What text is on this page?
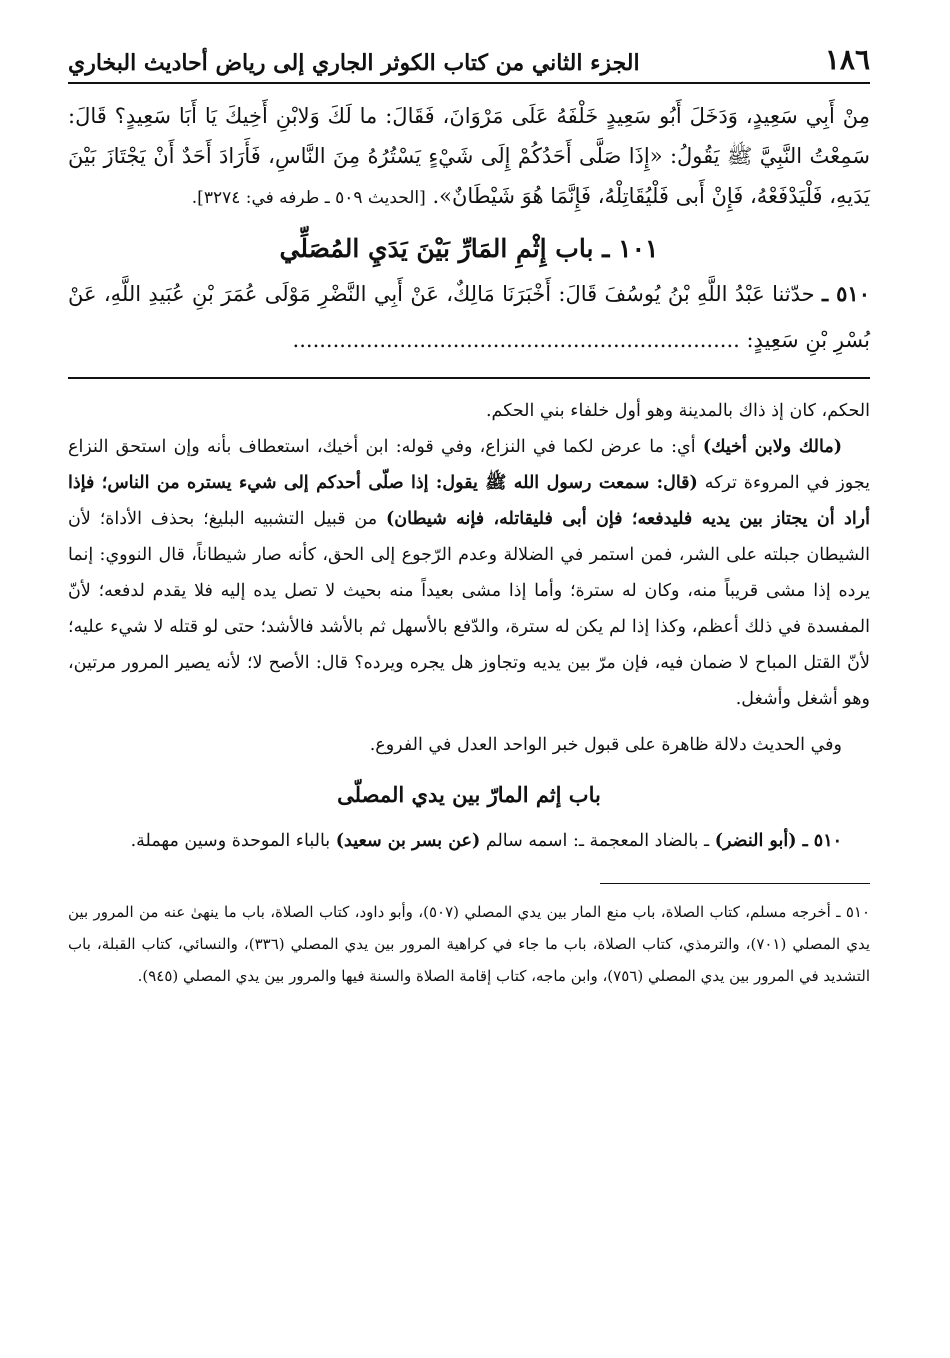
١٨٦
الجزء الثاني من كتاب الكوثر الجاري إلى رياض أحاديث البخاري
مِنْ أَبِي سَعِيدٍ، وَدَخَلَ أَبُو سَعِيدٍ خَلْفَهُ عَلَى مَرْوَانَ، فَقَالَ: ما لَكَ وَلابْنِ أَخِيكَ يَا أَبَا سَعِيدٍ؟ قَالَ: سَمِعْتُ النَّبِيَّ ﷺ يَقُولُ: «إِذَا صَلَّى أَحَدُكُمْ إِلَى شَيْءٍ يَسْتُرُهُ مِنَ النَّاسِ، فَأَرَادَ أَحَدٌ أَنْ يَجْتَازَ بَيْنَ يَدَيهِ، فَلْيَدْفَعْهُ، فَإِنْ أَبى فَلْيُقَاتِلْهُ، فَإِنَّمَا هُوَ شَيْطَانٌ». [الحديث ٥٠٩ ـ طرفه في: ٣٢٧٤].
١٠١ ـ باب إِثْمِ المَارِّ بَيْنَ يَدَيِ المُصَلِّي
٥١٠ ـ حدّثنا عَبْدُ اللَّهِ بْنُ يُوسُفَ قَالَ: أَخْبَرَنَا مَالِكٌ، عَنْ أَبِي النَّضْرِ مَوْلَى عُمَرَ بْنِ عُبَيدِ اللَّهِ، عَنْ بُسْرِ بْنِ سَعِيدٍ: ...................................................................

الحكم، كان إذ ذاك بالمدينة وهو أول خلفاء بني الحكم.

(مالك ولابن أخيك) أي: ما عرض لكما في النزاع، وفي قوله: ابن أخيك، استعطاف بأنه وإن استحق النزاع يجوز في المروءة تركه (قال: سمعت رسول الله ﷺ يقول: إذا صلّى أحدكم إلى شيء يستره من الناس؛ فإذا أراد أن يجتاز بين يديه فليدفعه؛ فإن أبى فليقاتله، فإنه شيطان) من قبيل التشبيه البليغ؛ بحذف الأداة؛ لأن الشيطان جبلته على الشر، فمن استمر في الضلالة وعدم الرّجوع إلى الحق، كأنه صار شيطاناً، قال النووي: إنما يرده إذا مشى قريباً منه، وكان له سترة؛ وأما إذا مشى بعيداً منه بحيث لا تصل يده إليه فلا يقدم لدفعه؛ لأنّ المفسدة في ذلك أعظم، وكذا إذا لم يكن له سترة، والدّفع بالأسهل ثم بالأشد فالأشد؛ حتى لو قتله لا شيء عليه؛ لأنّ القتل المباح لا ضمان فيه، فإن مرّ بين يديه وتجاوز هل يجره ويرده؟ قال: الأصح لا؛ لأنه يصير المرور مرتين، وهو أشغل وأشغل.

وفي الحديث دلالة ظاهرة على قبول خبر الواحد العدل في الفروع.

باب إثم المارّ بين يدي المصلّى

٥١٠ ـ (أبو النضر) ـ بالضاد المعجمة ـ: اسمه سالم (عن بسر بن سعيد) بالباء الموحدة وسين مهملة.

٥١٠ ـ أخرجه مسلم، كتاب الصلاة، باب منع المار بين يدي المصلي (٥٠٧)، وأبو داود، كتاب الصلاة، باب ما ينهىٰ عنه من المرور بين يدي المصلي (٧٠١)، والترمذي، كتاب الصلاة، باب ما جاء في كراهية المرور بين يدي المصلي (٣٣٦)، والنسائي، كتاب القبلة، باب التشديد في المرور بين يدي المصلي (٧٥٦)، وابن ماجه، كتاب إقامة الصلاة والسنة فيها والمرور بين يدي المصلي (٩٤٥).
